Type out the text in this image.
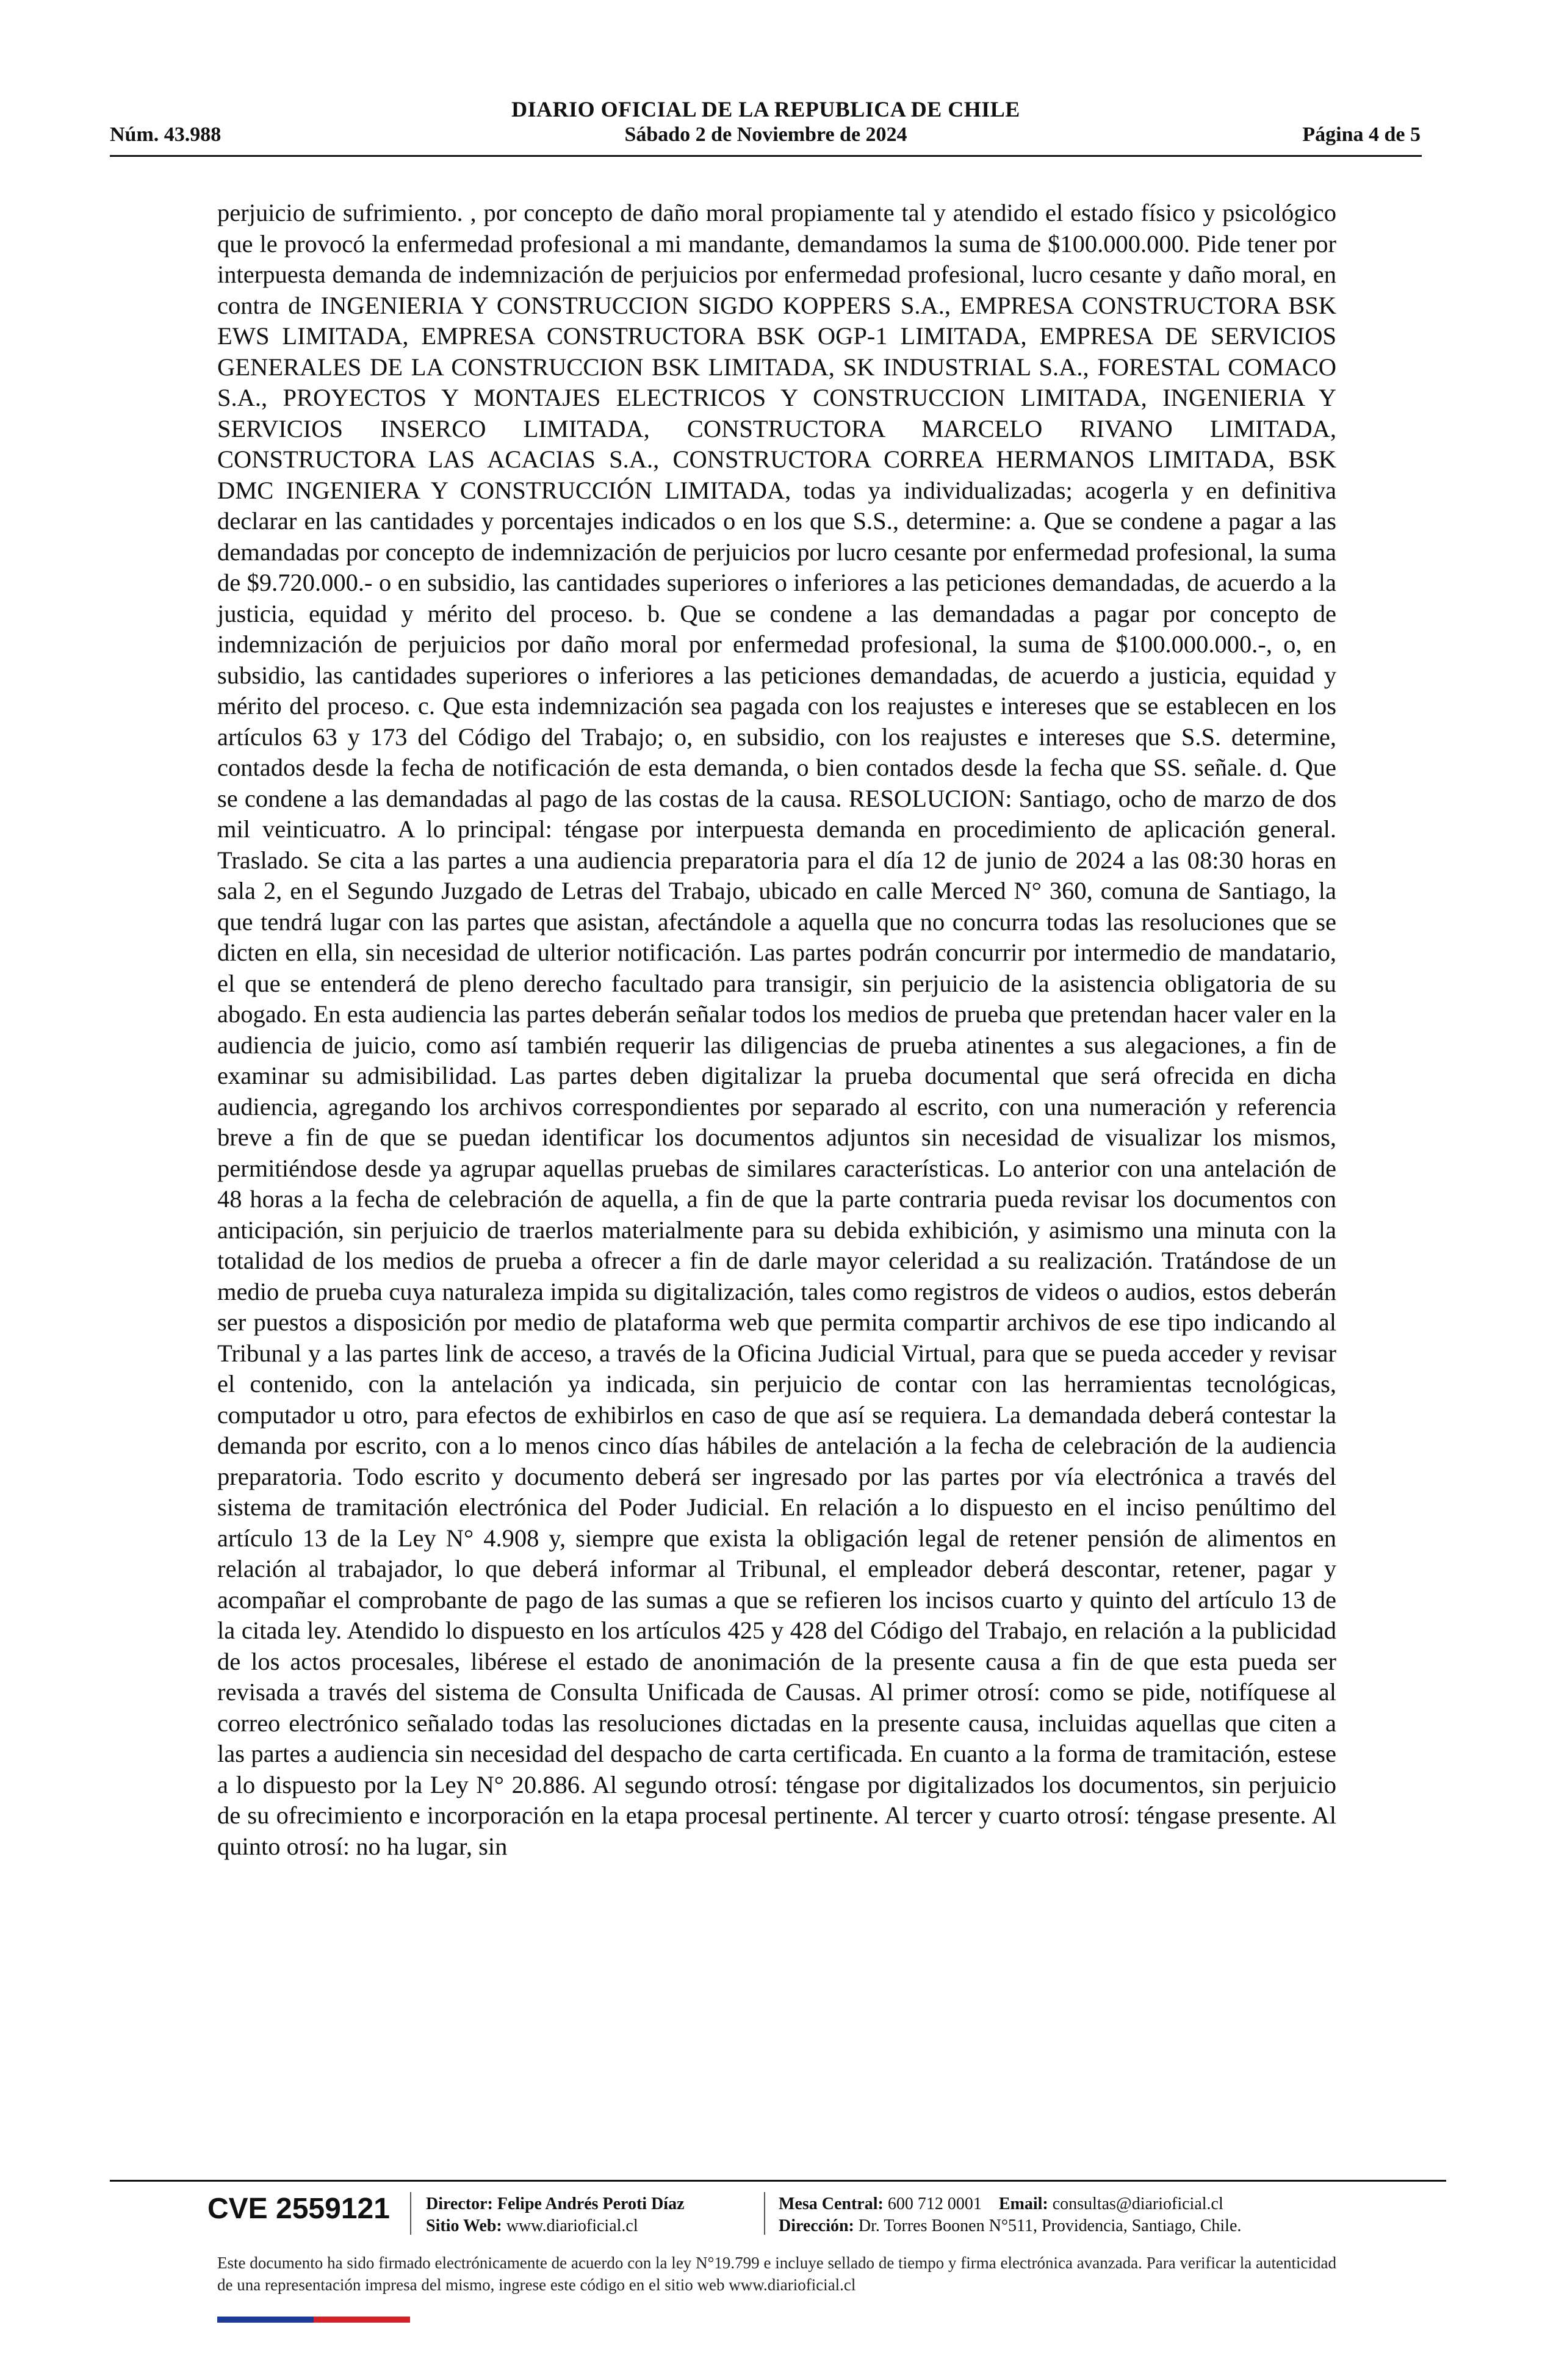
DIARIO OFICIAL DE LA REPUBLICA DE CHILE
Núm. 43.988	Sábado 2 de Noviembre de 2024	Página 4 de 5

perjuicio de sufrimiento. , por concepto de daño moral propiamente tal y atendido el estado físico y psicológico que le provocó la enfermedad profesional a mi mandante, demandamos la suma de $100.000.000. Pide tener por interpuesta demanda de indemnización de perjuicios por enfermedad profesional, lucro cesante y daño moral, en contra de INGENIERIA Y CONSTRUCCION SIGDO KOPPERS S.A., EMPRESA CONSTRUCTORA BSK EWS LIMITADA, EMPRESA CONSTRUCTORA BSK OGP-1 LIMITADA, EMPRESA DE SERVICIOS GENERALES DE LA CONSTRUCCION BSK LIMITADA, SK INDUSTRIAL S.A., FORESTAL COMACO S.A., PROYECTOS Y MONTAJES ELECTRICOS Y CONSTRUCCION LIMITADA, INGENIERIA Y SERVICIOS INSERCO LIMITADA, CONSTRUCTORA MARCELO RIVANO LIMITADA, CONSTRUCTORA LAS ACACIAS S.A., CONSTRUCTORA CORREA HERMANOS LIMITADA, BSK DMC INGENIERA Y CONSTRUCCIÓN LIMITADA, todas ya individualizadas; acogerla y en definitiva declarar en las cantidades y porcentajes indicados o en los que S.S., determine: a. Que se condene a pagar a las demandadas por concepto de indemnización de perjuicios por lucro cesante por enfermedad profesional, la suma de $9.720.000.- o en subsidio, las cantidades superiores o inferiores a las peticiones demandadas, de acuerdo a la justicia, equidad y mérito del proceso. b. Que se condene a las demandadas a pagar por concepto de indemnización de perjuicios por daño moral por enfermedad profesional, la suma de $100.000.000.-, o, en subsidio, las cantidades superiores o inferiores a las peticiones demandadas, de acuerdo a justicia, equidad y mérito del proceso. c. Que esta indemnización sea pagada con los reajustes e intereses que se establecen en los artículos 63 y 173 del Código del Trabajo; o, en subsidio, con los reajustes e intereses que S.S. determine, contados desde la fecha de notificación de esta demanda, o bien contados desde la fecha que SS. señale. d. Que se condene a las demandadas al pago de las costas de la causa. RESOLUCION: Santiago, ocho de marzo de dos mil veinticuatro. A lo principal: téngase por interpuesta demanda en procedimiento de aplicación general. Traslado. Se cita a las partes a una audiencia preparatoria para el día 12 de junio de 2024 a las 08:30 horas en sala 2, en el Segundo Juzgado de Letras del Trabajo, ubicado en calle Merced N° 360, comuna de Santiago, la que tendrá lugar con las partes que asistan, afectándole a aquella que no concurra todas las resoluciones que se dicten en ella, sin necesidad de ulterior notificación. Las partes podrán concurrir por intermedio de mandatario, el que se entenderá de pleno derecho facultado para transigir, sin perjuicio de la asistencia obligatoria de su abogado. En esta audiencia las partes deberán señalar todos los medios de prueba que pretendan hacer valer en la audiencia de juicio, como así también requerir las diligencias de prueba atinentes a sus alegaciones, a fin de examinar su admisibilidad. Las partes deben digitalizar la prueba documental que será ofrecida en dicha audiencia, agregando los archivos correspondientes por separado al escrito, con una numeración y referencia breve a fin de que se puedan identificar los documentos adjuntos sin necesidad de visualizar los mismos, permitiéndose desde ya agrupar aquellas pruebas de similares características. Lo anterior con una antelación de 48 horas a la fecha de celebración de aquella, a fin de que la parte contraria pueda revisar los documentos con anticipación, sin perjuicio de traerlos materialmente para su debida exhibición, y asimismo una minuta con la totalidad de los medios de prueba a ofrecer a fin de darle mayor celeridad a su realización. Tratándose de un medio de prueba cuya naturaleza impida su digitalización, tales como registros de videos o audios, estos deberán ser puestos a disposición por medio de plataforma web que permita compartir archivos de ese tipo indicando al Tribunal y a las partes link de acceso, a través de la Oficina Judicial Virtual, para que se pueda acceder y revisar el contenido, con la antelación ya indicada, sin perjuicio de contar con las herramientas tecnológicas, computador u otro, para efectos de exhibirlos en caso de que así se requiera. La demandada deberá contestar la demanda por escrito, con a lo menos cinco días hábiles de antelación a la fecha de celebración de la audiencia preparatoria. Todo escrito y documento deberá ser ingresado por las partes por vía electrónica a través del sistema de tramitación electrónica del Poder Judicial. En relación a lo dispuesto en el inciso penúltimo del artículo 13 de la Ley N° 4.908 y, siempre que exista la obligación legal de retener pensión de alimentos en relación al trabajador, lo que deberá informar al Tribunal, el empleador deberá descontar, retener, pagar y acompañar el comprobante de pago de las sumas a que se refieren los incisos cuarto y quinto del artículo 13 de la citada ley. Atendido lo dispuesto en los artículos 425 y 428 del Código del Trabajo, en relación a la publicidad de los actos procesales, libérese el estado de anonimación de la presente causa a fin de que esta pueda ser revisada a través del sistema de Consulta Unificada de Causas. Al primer otrosí: como se pide, notifíquese al correo electrónico señalado todas las resoluciones dictadas en la presente causa, incluidas aquellas que citen a las partes a audiencia sin necesidad del despacho de carta certificada. En cuanto a la forma de tramitación, estese a lo dispuesto por la Ley N° 20.886. Al segundo otrosí: téngase por digitalizados los documentos, sin perjuicio de su ofrecimiento e incorporación en la etapa procesal pertinente. Al tercer y cuarto otrosí: téngase presente. Al quinto otrosí: no ha lugar, sin

CVE 2559121 Director: Felipe Andrés Peroti Díaz
Sitio Web: www.diarioficial.cl
Mesa Central: 600 712 0001 Email: consultas@diarioficial.cl
Dirección: Dr. Torres Boonen N°511, Providencia, Santiago, Chile.

Este documento ha sido firmado electrónicamente de acuerdo con la ley N°19.799 e incluye sellado de tiempo y firma electrónica avanzada. Para verificar la autenticidad de una representación impresa del mismo, ingrese este código en el sitio web www.diarioficial.cl
